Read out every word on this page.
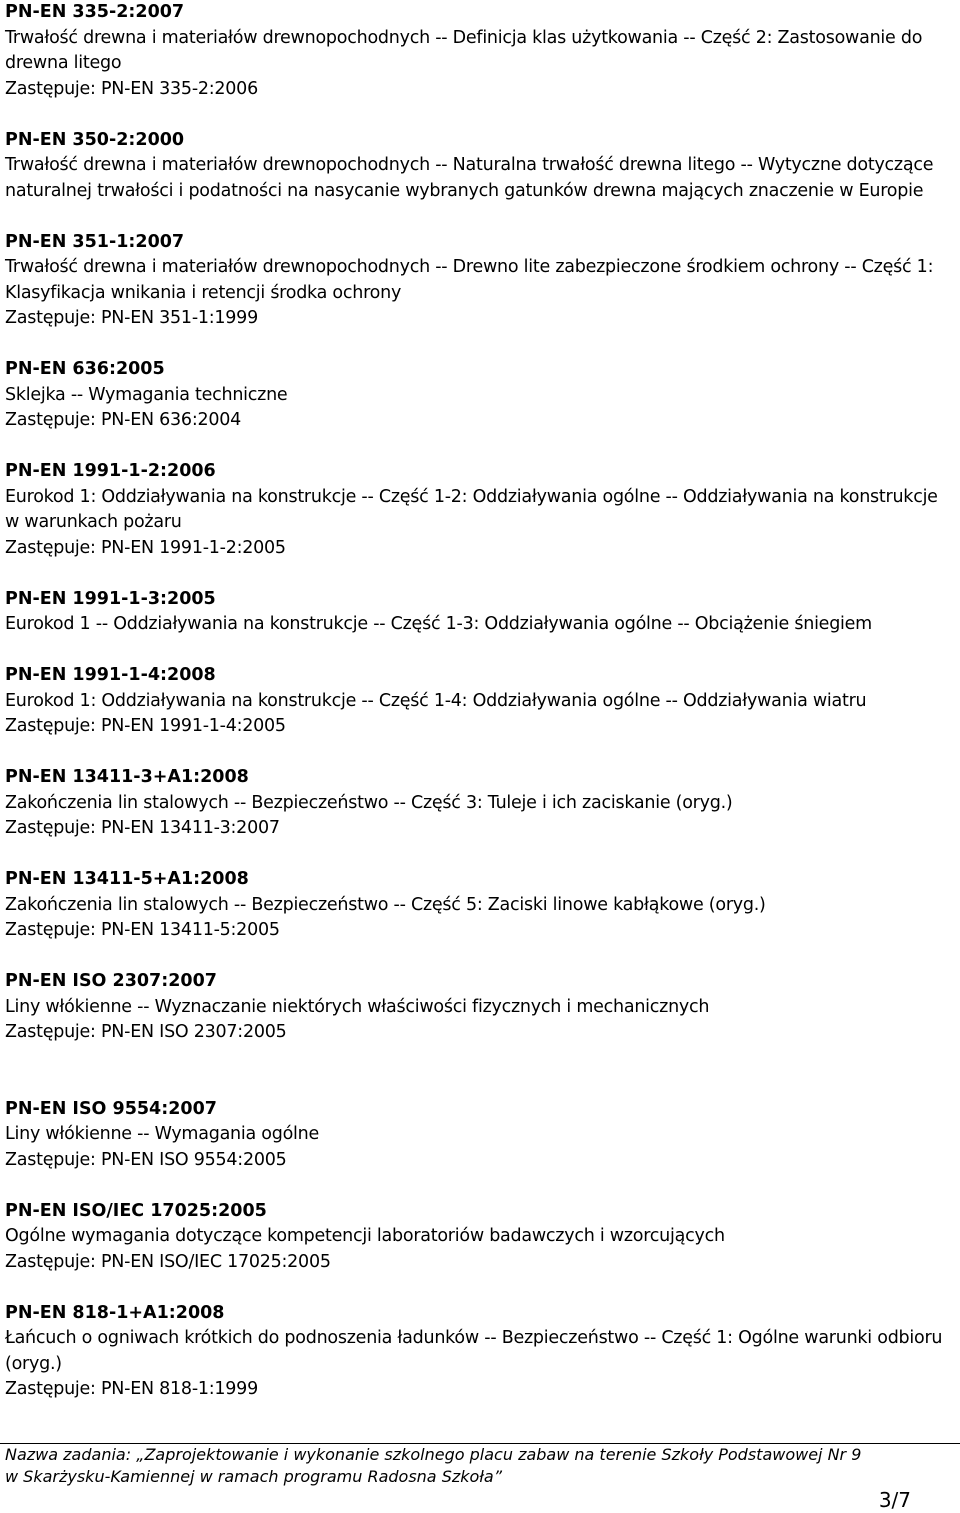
PN-EN 335-2:2007
Trwałość drewna i materiałów drewnopochodnych -- Definicja klas użytkowania -- Część 2: Zastosowanie do drewna litego
Zastępuje: PN-EN 335-2:2006
PN-EN 350-2:2000
Trwałość drewna i materiałów drewnopochodnych -- Naturalna trwałość drewna litego -- Wytyczne dotyczące naturalnej trwałości i podatności na nasycanie wybranych gatunków drewna mających znaczenie w Europie
PN-EN 351-1:2007
Trwałość drewna i materiałów drewnopochodnych -- Drewno lite zabezpieczone środkiem ochrony -- Część 1: Klasyfikacja wnikania i retencji środka ochrony
Zastępuje: PN-EN 351-1:1999
PN-EN 636:2005
Sklejka -- Wymagania techniczne
Zastępuje: PN-EN 636:2004
PN-EN 1991-1-2:2006
Eurokod 1: Oddziaływania na konstrukcje -- Część 1-2: Oddziaływania ogólne -- Oddziaływania na konstrukcje w warunkach pożaru
Zastępuje: PN-EN 1991-1-2:2005
PN-EN 1991-1-3:2005
Eurokod 1 -- Oddziaływania na konstrukcje -- Część 1-3: Oddziaływania ogólne -- Obciążenie śniegiem
PN-EN 1991-1-4:2008
Eurokod 1: Oddziaływania na konstrukcje -- Część 1-4: Oddziaływania ogólne -- Oddziaływania wiatru
Zastępuje: PN-EN 1991-1-4:2005
PN-EN 13411-3+A1:2008
Zakończenia lin stalowych -- Bezpieczeństwo -- Część 3: Tuleje i ich zaciskanie (oryg.)
Zastępuje: PN-EN 13411-3:2007
PN-EN 13411-5+A1:2008
Zakończenia lin stalowych -- Bezpieczeństwo -- Część 5: Zaciski linowe kabłąkowe (oryg.)
Zastępuje: PN-EN 13411-5:2005
PN-EN ISO 2307:2007
Liny włókienne -- Wyznaczanie niektórych właściwości fizycznych i mechanicznych
Zastępuje: PN-EN ISO 2307:2005
PN-EN ISO 9554:2007
Liny włókienne -- Wymagania ogólne
Zastępuje: PN-EN ISO 9554:2005
PN-EN ISO/IEC 17025:2005
Ogólne wymagania dotyczące kompetencji laboratoriów badawczych i wzorcujących
Zastępuje: PN-EN ISO/IEC 17025:2005
PN-EN 818-1+A1:2008
Łańcuch o ogniwach krótkich do podnoszenia ładunków -- Bezpieczeństwo -- Część 1: Ogólne warunki odbioru (oryg.)
Zastępuje: PN-EN 818-1:1999
Nazwa zadania: „Zaprojektowanie i wykonanie szkolnego placu zabaw na terenie Szkoły Podstawowej Nr 9
w Skarżysku-Kamiennej w ramach programu Radosna Szkoła”
3/7
